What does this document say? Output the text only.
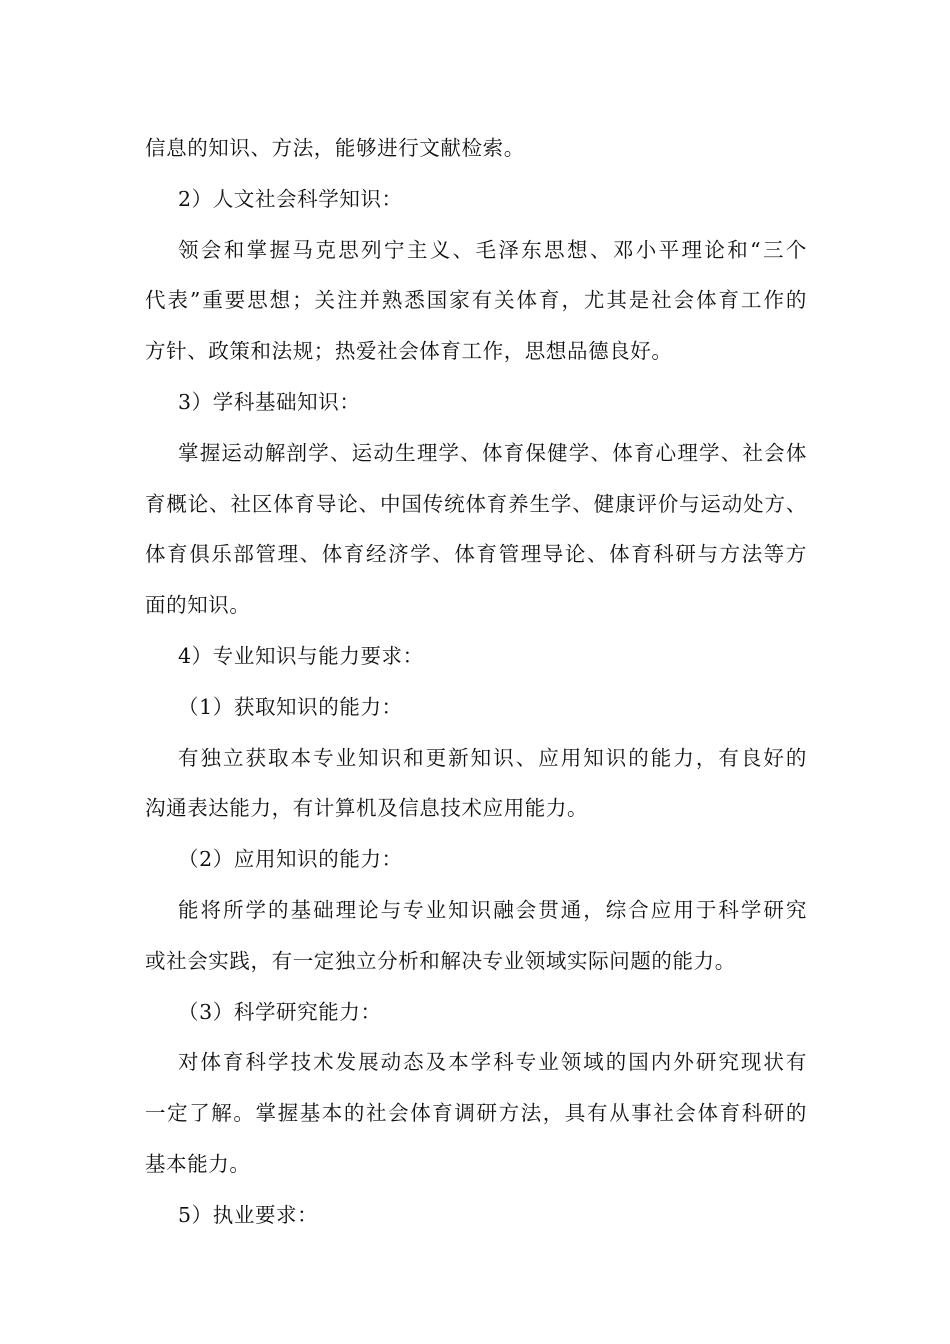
信息的知识、方法，能够进行文献检索。
2）人文社会科学知识：
领会和掌握马克思列宁主义、毛泽东思想、邓小平理论和“三个
代表”重要思想；关注并熟悉国家有关体育，尤其是社会体育工作的
方针、政策和法规；热爱社会体育工作，思想品德良好。
3）学科基础知识：
掌握运动解剖学、运动生理学、体育保健学、体育心理学、社会体
育概论、社区体育导论、中国传统体育养生学、健康评价与运动处方、
体育俱乐部管理、体育经济学、体育管理导论、体育科研与方法等方
面的知识。
4）专业知识与能力要求：
（1）获取知识的能力：
有独立获取本专业知识和更新知识、应用知识的能力，有良好的
沟通表达能力，有计算机及信息技术应用能力。
（2）应用知识的能力：
能将所学的基础理论与专业知识融会贯通，综合应用于科学研究
或社会实践，有一定独立分析和解决专业领域实际问题的能力。
（3）科学研究能力：
对体育科学技术发展动态及本学科专业领域的国内外研究现状有
一定了解。掌握基本的社会体育调研方法，具有从事社会体育科研的
基本能力。
5）执业要求：
